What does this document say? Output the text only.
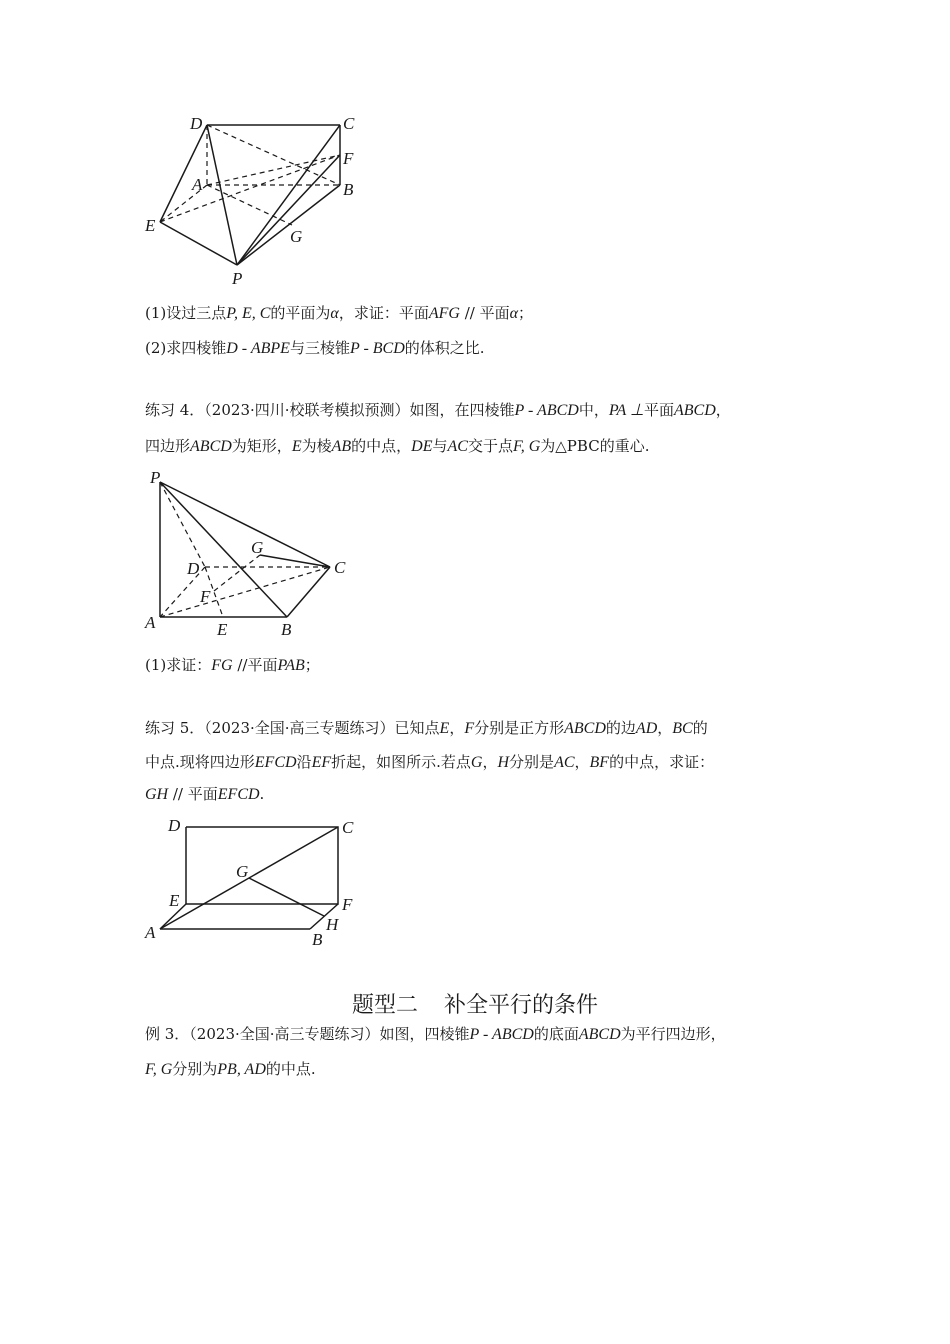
D	C
F
A	B
E
G
P
(1)设过三点P, E, C的平面为α，求证：平面AFG // 平面α；
(2)求四棱锥D - ABPE与三棱锥P - BCD的体积之比.
练习 4．（2023·四川·校联考模拟预测）如图，在四棱锥P - ABCD中，PA ⊥平面ABCD，
四边形ABCD为矩形，E为棱AB的中点，DE与AC交于点F, G为△PBC的重心.
P
G
D	C
F
A	E	B
(1)求证：FG //平面PAB；
练习 5．（2023·全国·高三专题练习）已知点E，F分别是正方形ABCD的边AD，BC的
中点.现将四边形EFCD沿EF折起，如图所示.若点G，H分别是AC，BF的中点，求证：
GH // 平面EFCD.
D	C
G
E	F
A	H
B
题型二 补全平行的条件
例 3．（2023·全国·高三专题练习）如图，四棱锥P - ABCD的底面ABCD为平行四边形，
F, G分别为PB, AD的中点.
